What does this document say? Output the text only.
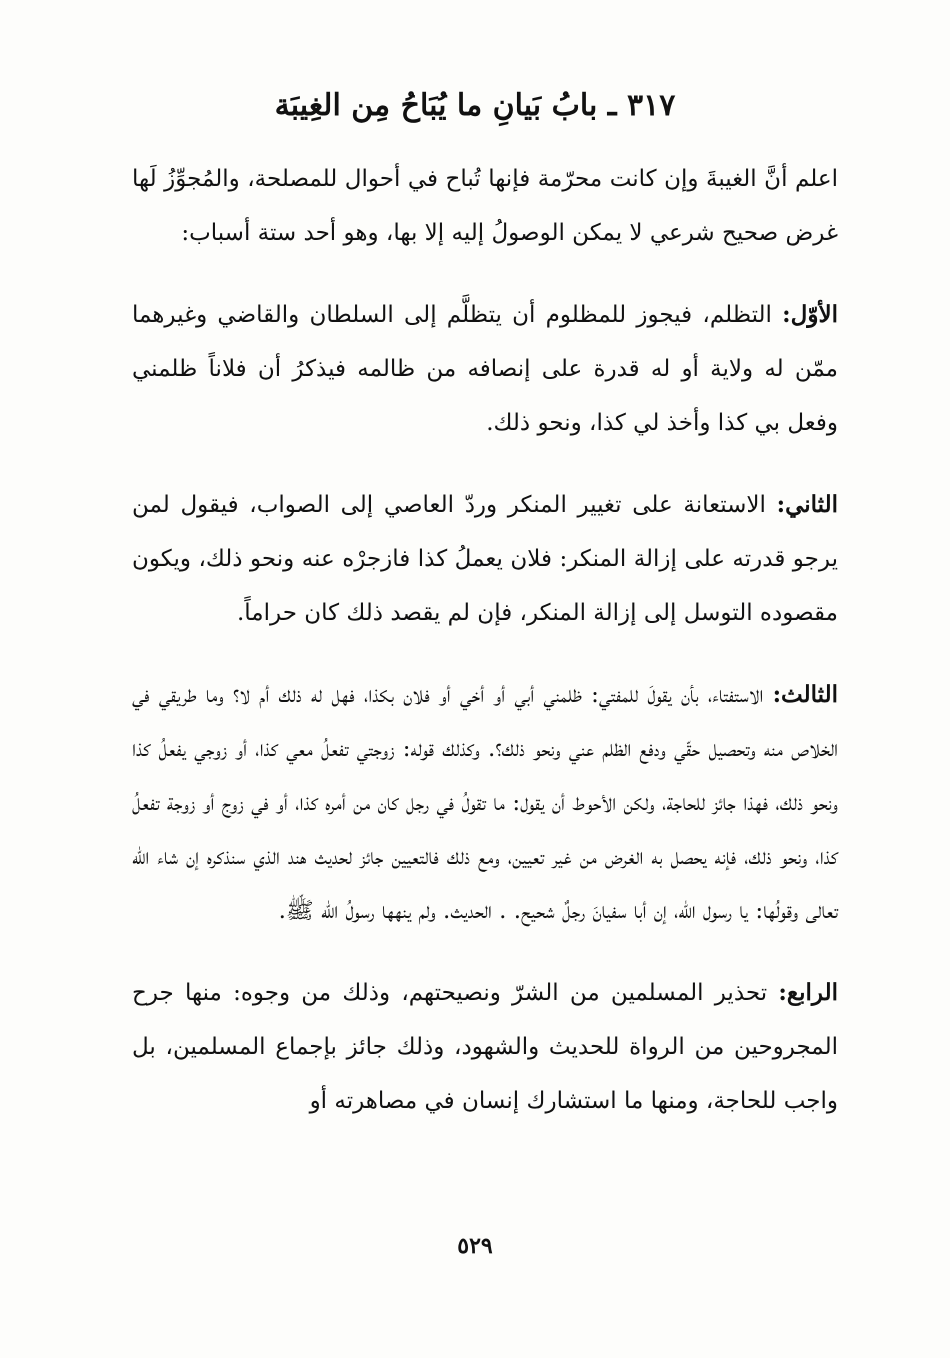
٣١٧ ـ بابُ بَيانِ ما يُبَاحُ مِن الغِيبَة

اعلم أنَّ الغيبةَ وإن كانت محرّمة فإنها تُباح في أحوال للمصلحة، والمُجوِّزُ لَها غرض صحيح شرعي لا يمكن الوصولُ إليه إلا بها، وهو أحد ستة أسباب:

الأوّل: التظلم، فيجوز للمظلوم أن يتظلَّم إلى السلطان والقاضي وغيرهما ممّن له ولاية أو له قدرة على إنصافه من ظالمه فيذكرُ أن فلاناً ظلمني وفعل بي كذا وأخذ لي كذا، ونحو ذلك.

الثاني: الاستعانة على تغيير المنكر وردّ العاصي إلى الصواب، فيقول لمن يرجو قدرته على إزالة المنكر: فلان يعملُ كذا فازجرْه عنه ونحو ذلك، ويكون مقصوده التوسل إلى إزالة المنكر، فإن لم يقصد ذلك كان حراماً.

الثالث: الاستفتاء، بأن يقولَ للمفتي: ظلمني أبي أو أخي أو فلان بكذا، فهل له ذلك أم لا؟ وما طريقي في الخلاص منه وتحصيل حقّي ودفع الظلم عني ونحو ذلك؟. وكذلك قوله: زوجتي تفعلُ معي كذا، أو زوجي يفعلُ كذا ونحو ذلك، فهذا جائز للحاجة، ولكن الأحوط أن يقول: ما تقولُ في رجل كان من أمره كذا، أو في زوج أو زوجة تفعلُ كذا، ونحو ذلك، فإنه يحصل به الغرض من غير تعيين، ومع ذلك فالتعيين جائز لحديث هند الذي سنذكره إن شاء اللّه تعالى وقولُها: يا رسول اللّه، إن أبا سفيانَ رجلٌ شحيح. . الحديث. ولم ينهها رسولُ اللّه ﷺ.

الرابع: تحذير المسلمين من الشرّ ونصيحتهم، وذلك من وجوه: منها جرح المجروحين من الرواة للحديث والشهود، وذلك جائز بإجماع المسلمين، بل واجب للحاجة، ومنها ما استشارك إنسان في مصاهرته أو

٥٢٩
